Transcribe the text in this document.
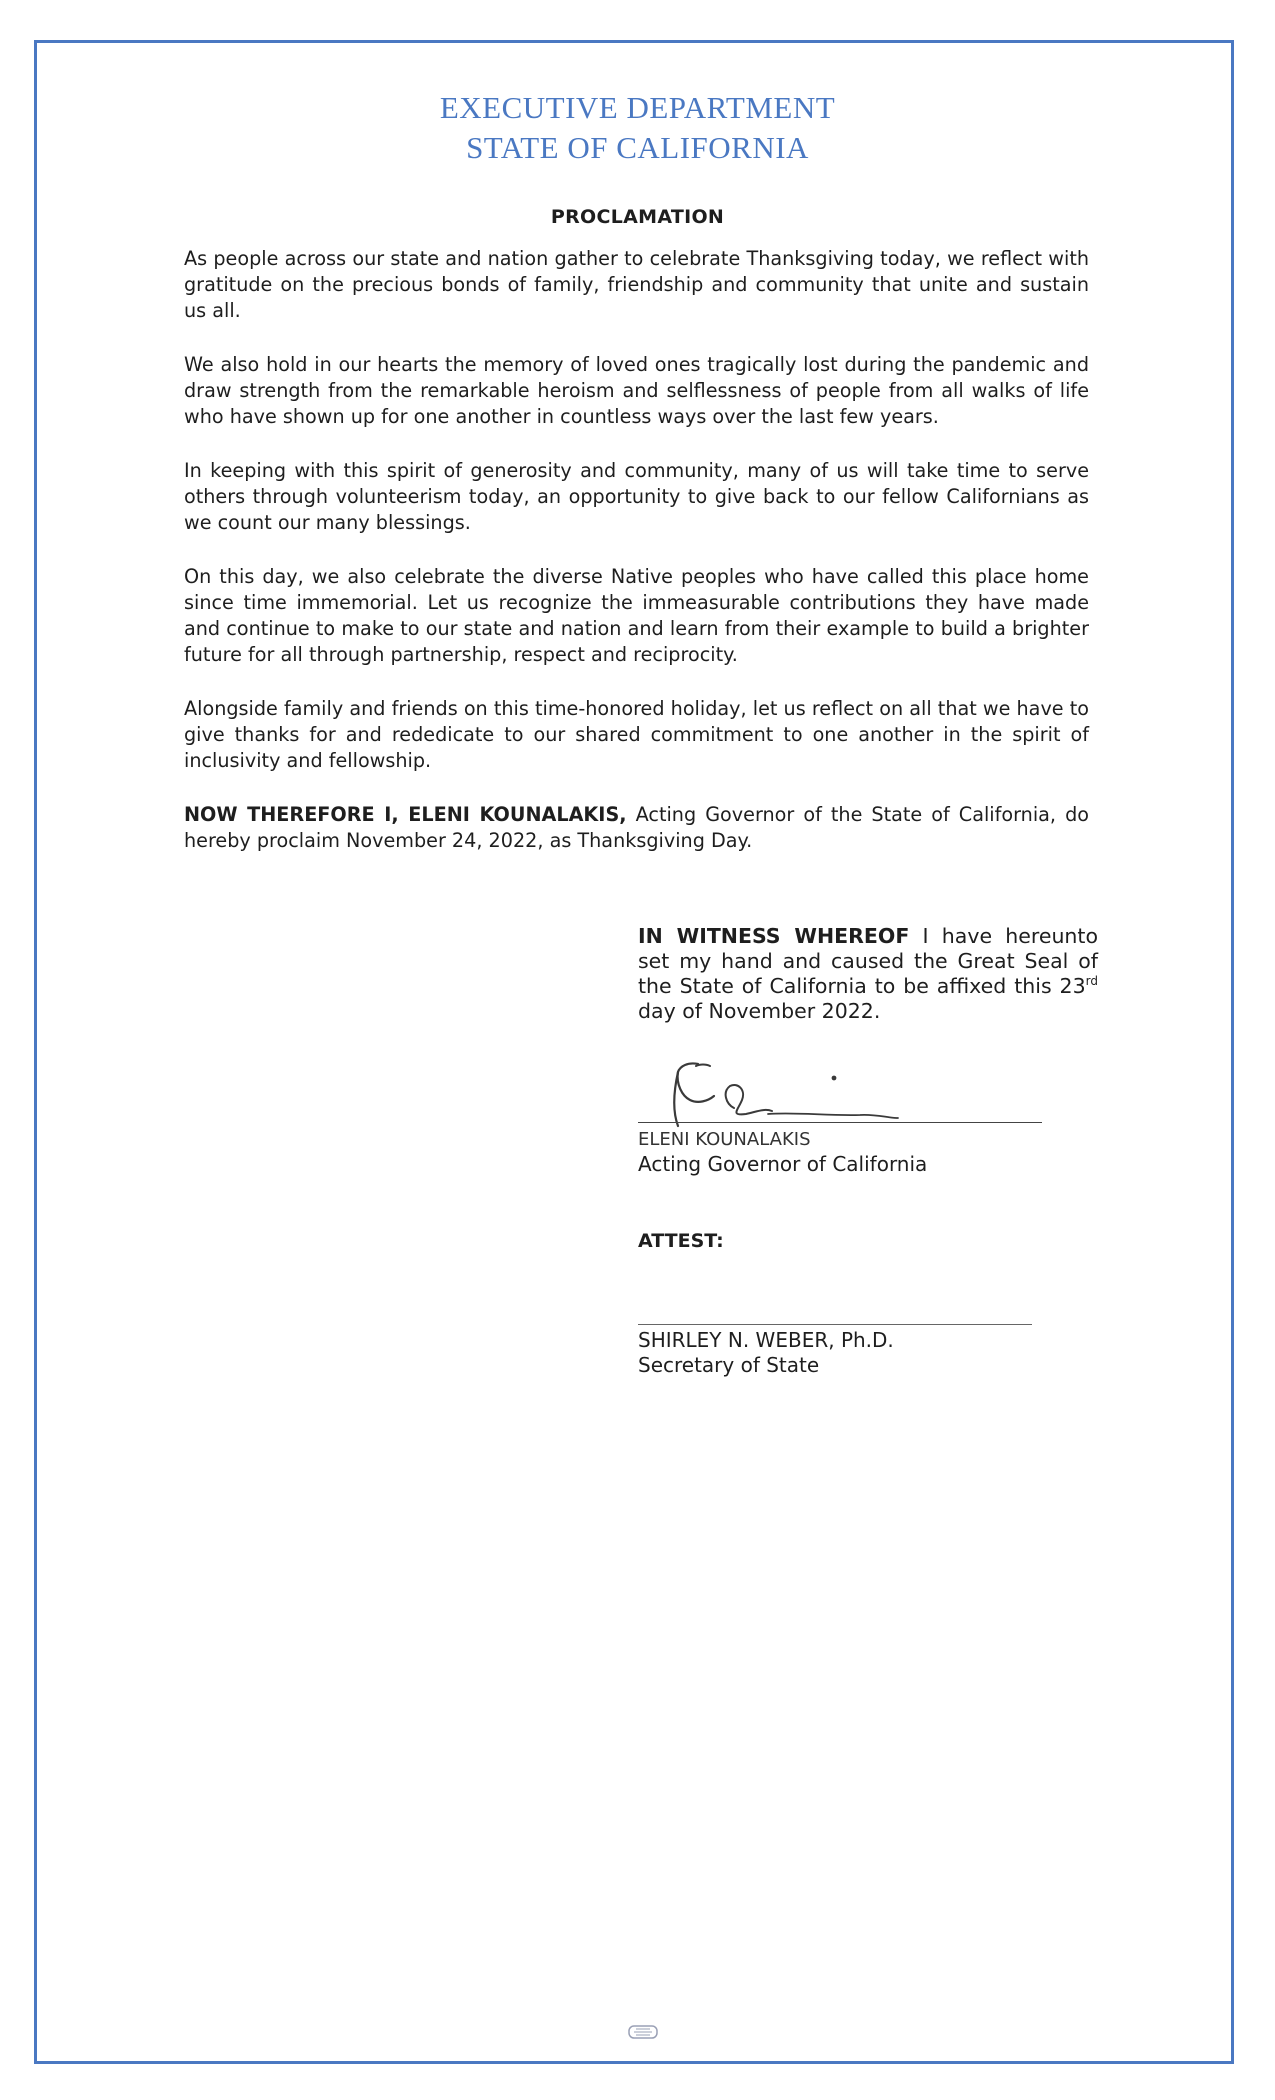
EXECUTIVE DEPARTMENT
STATE OF CALIFORNIA
PROCLAMATION

As people across our state and nation gather to celebrate Thanksgiving today, we reflect with gratitude on the precious bonds of family, friendship and community that unite and sustain us all.

We also hold in our hearts the memory of loved ones tragically lost during the pandemic and draw strength from the remarkable heroism and selflessness of people from all walks of life who have shown up for one another in countless ways over the last few years.

In keeping with this spirit of generosity and community, many of us will take time to serve others through volunteerism today, an opportunity to give back to our fellow Californians as we count our many blessings.

On this day, we also celebrate the diverse Native peoples who have called this place home since time immemorial. Let us recognize the immeasurable contributions they have made and continue to make to our state and nation and learn from their example to build a brighter future for all through partnership, respect and reciprocity.

Alongside family and friends on this time-honored holiday, let us reflect on all that we have to give thanks for and rededicate to our shared commitment to one another in the spirit of inclusivity and fellowship.

NOW THEREFORE I, ELENI KOUNALAKIS, Acting Governor of the State of California, do hereby proclaim November 24, 2022, as Thanksgiving Day.

IN WITNESS WHEREOF I have hereunto set my hand and caused the Great Seal of the State of California to be affixed this 23rd day of November 2022.
ELENI KOUNALAKIS
Acting Governor of California
ATTEST:
SHIRLEY N. WEBER, Ph.D.
Secretary of State
